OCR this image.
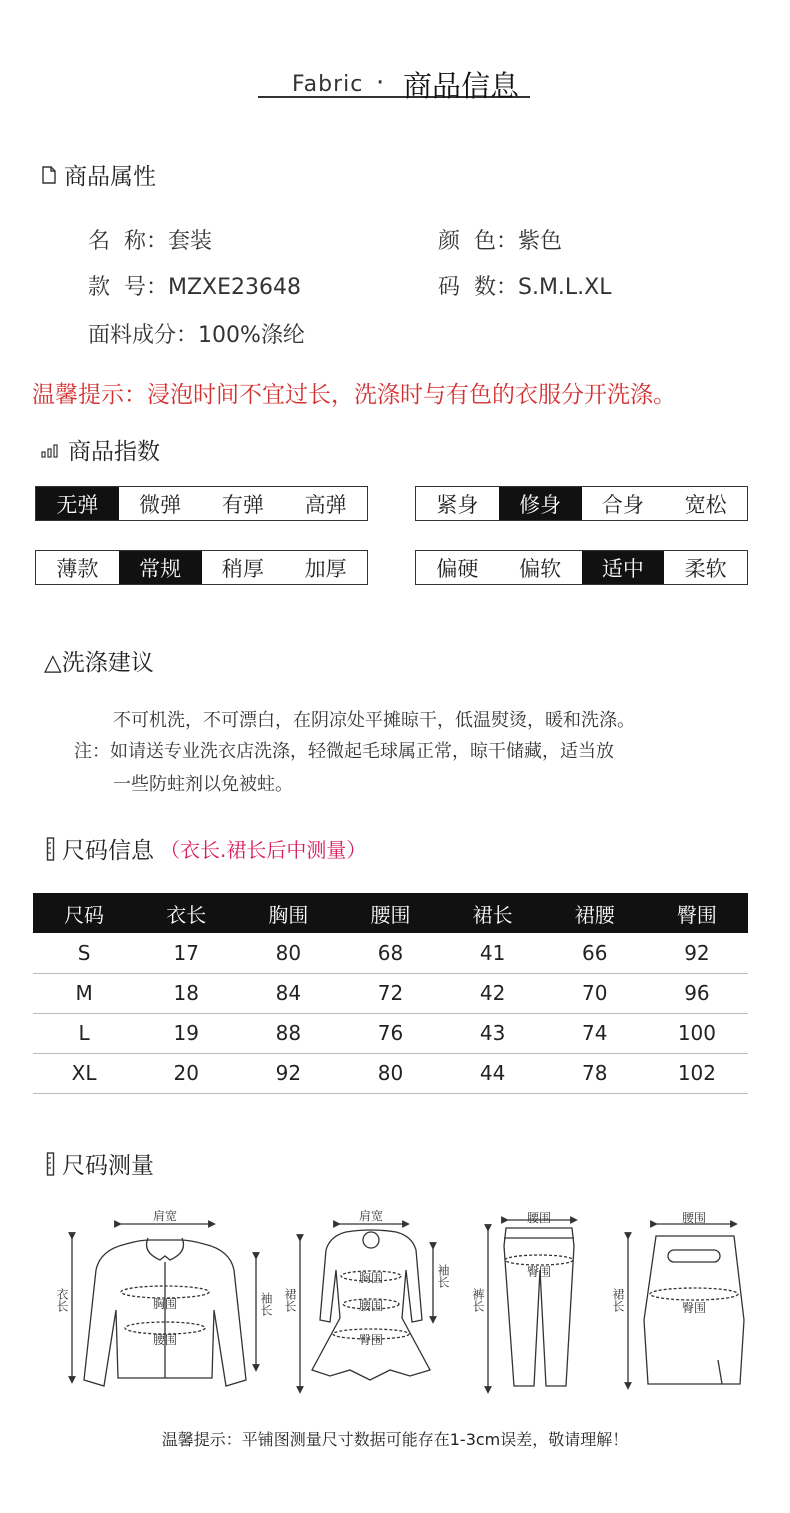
Fabric · 商品信息
商品属性
名  称：套装	颜  色：紫色
款  号：MZXE23648	码  数：S.M.L.XL
面料成分：100%涤纶
温馨提示：浸泡时间不宜过长，洗涤时与有色的衣服分开洗涤。
商品指数
无弹	微弹	有弹	高弹	紧身	修身	合身	宽松
薄款	常规	稍厚	加厚	偏硬	偏软	适中	柔软
△洗涤建议
不可机洗，不可漂白，在阴凉处平摊晾干，低温熨烫，暖和洗涤。
注：如请送专业洗衣店洗涤，轻微起毛球属正常，晾干储藏，适当放
一些防蛀剂以免被蛀。
尺码信息 （衣长.裙长后中测量）
尺码	衣长	胸围	腰围	裙长	裙腰	臀围
S	17	80	68	41	66	92
M	18	84	72	42	70	96
L	19	88	76	43	74	100
XL	20	92	80	44	78	102
尺码测量
肩宽
胸围
腰围
衣长	袖长
肩宽
胸围
腰围
臀围
裙长
袖长
腰围
臀围
裤长
腰围
臀围
裙长
温馨提示：平铺图测量尺寸数据可能存在1-3cm误差，敬请理解！
